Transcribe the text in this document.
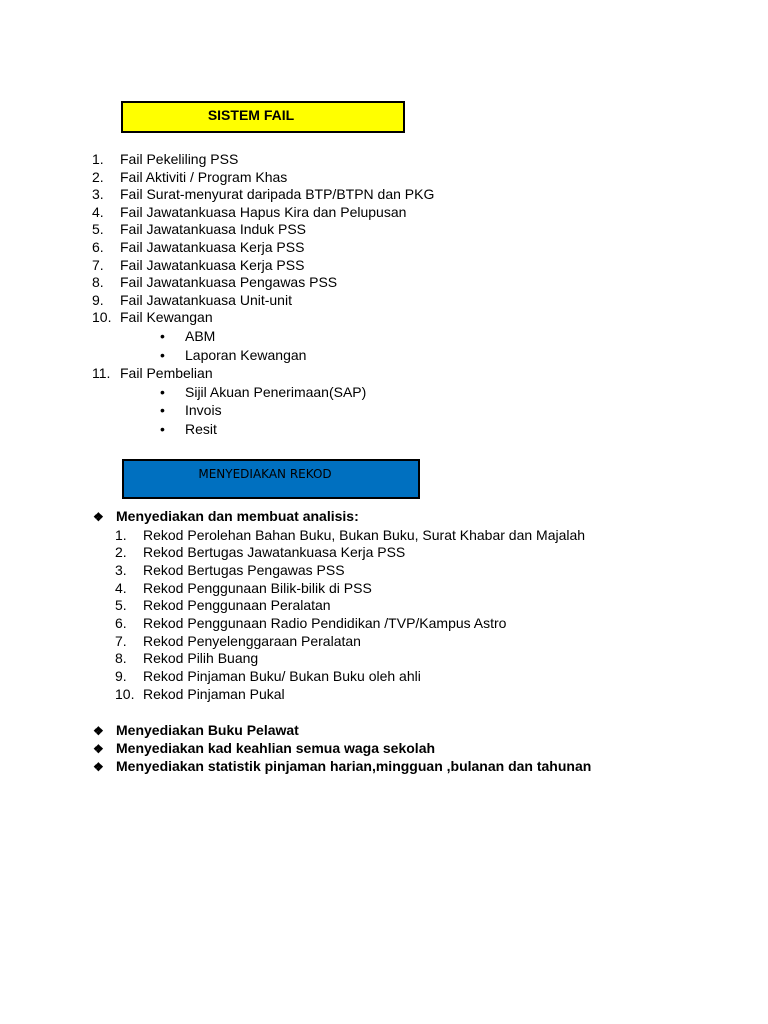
SISTEM FAIL
1. Fail Pekeliling PSS
2. Fail Aktiviti / Program Khas
3. Fail Surat-menyurat daripada BTP/BTPN dan PKG
4. Fail Jawatankuasa Hapus Kira dan Pelupusan
5. Fail Jawatankuasa Induk PSS
6. Fail Jawatankuasa Kerja PSS
7. Fail Jawatankuasa Kerja PSS
8. Fail Jawatankuasa Pengawas PSS
9. Fail Jawatankuasa Unit-unit
10. Fail Kewangan
• ABM
• Laporan Kewangan
11. Fail Pembelian
• Sijil Akuan Penerimaan(SAP)
• Invois
• Resit
MENYEDIAKAN REKOD
❖ Menyediakan dan membuat analisis:
1. Rekod Perolehan Bahan Buku, Bukan Buku, Surat Khabar dan Majalah
2. Rekod Bertugas Jawatankuasa Kerja PSS
3. Rekod Bertugas Pengawas PSS
4. Rekod Penggunaan Bilik-bilik di PSS
5. Rekod Penggunaan Peralatan
6. Rekod Penggunaan Radio Pendidikan /TVP/Kampus Astro
7. Rekod Penyelenggaraan Peralatan
8. Rekod Pilih Buang
9. Rekod Pinjaman Buku/ Bukan Buku oleh ahli
10. Rekod Pinjaman Pukal
❖ Menyediakan Buku Pelawat
❖ Menyediakan kad keahlian semua waga sekolah
❖ Menyediakan statistik pinjaman harian,mingguan ,bulanan dan tahunan
